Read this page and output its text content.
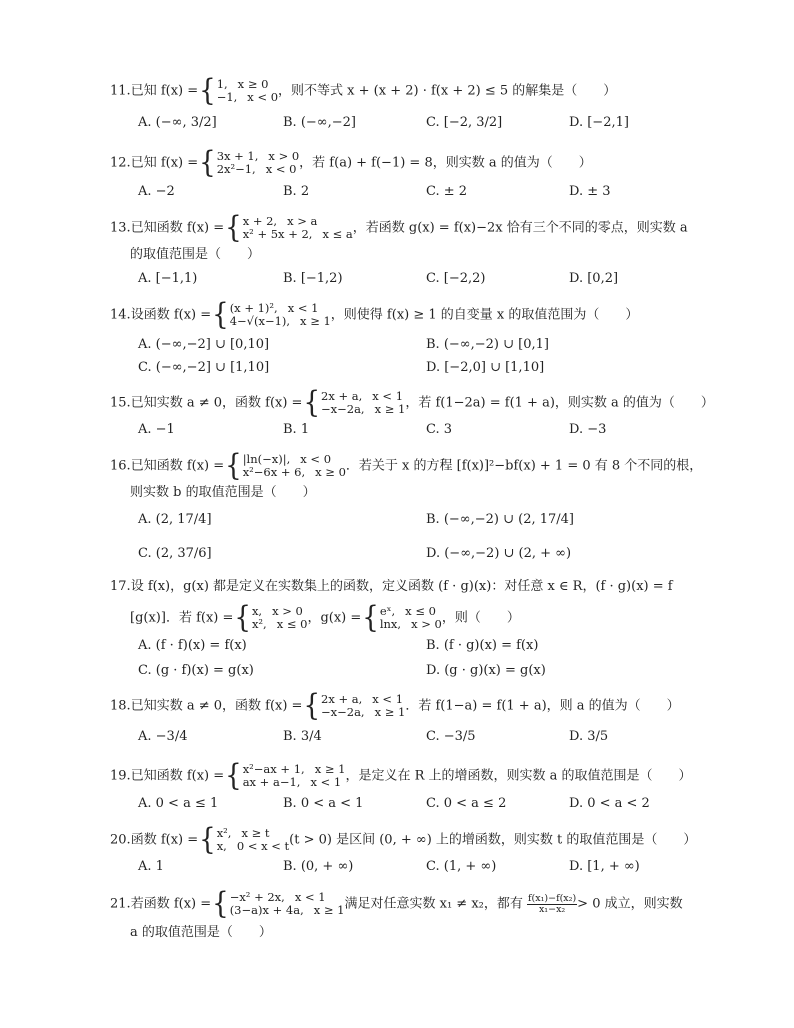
11.已知 f(x) ={ 1, x ≥ 0
−1, x < 0 ，则不等式 x + (x + 2) · f(x + 2) ≤ 5 的解集是（　　）
A. (−∞, 3/2]	B. (−∞,−2]	C. [−2, 3/2]	D. [−2,1]
12.已知 f(x) ={ 3x + 1, x > 0
2x²−1, x < 0 ，若 f(a) + f(−1) = 8，则实数 a 的值为（　　）
A. −2	B. 2	C. ± 2	D. ± 3
13.已知函数 f(x) ={ x + 2, x > a
x² + 5x + 2, x ≤ a ，若函数 g(x) = f(x)−2x 恰有三个不同的零点，则实数 a
的取值范围是（　　）
A. [−1,1)	B. [−1,2)	C. [−2,2)	D. [0,2]
14.设函数 f(x) ={ (x + 1)², x < 1
4−√(x−1), x ≥ 1 ，则使得 f(x) ≥ 1 的自变量 x 的取值范围为（　　）
A. (−∞,−2] ∪ [0,10]	B. (−∞,−2) ∪ [0,1]
C. (−∞,−2] ∪ [1,10]	D. [−2,0] ∪ [1,10]
15.已知实数 a ≠ 0，函数 f(x) ={ 2x + a, x < 1
−x−2a, x ≥ 1 ，若 f(1−2a) = f(1 + a)，则实数 a 的值为（　　）
A. −1	B. 1	C. 3	D. −3
16.已知函数 f(x) ={ |ln(−x)|, x < 0
x²−6x + 6, x ≥ 0 ．若关于 x 的方程 [f(x)]²−bf(x) + 1 = 0 有 8 个不同的根，
则实数 b 的取值范围是（　　）
A. (2, 17/4]	B. (−∞,−2) ∪ (2, 17/4]
C. (2, 37/6]	D. (−∞,−2) ∪ (2, + ∞)
17.设 f(x)，g(x) 都是定义在实数集上的函数，定义函数 (f · g)(x)：对任意 x ∈ R，(f · g)(x) = f
[g(x)]．若 f(x) ={ x, x > 0
x², x ≤ 0 ，g(x) ={ eˣ, x ≤ 0
lnx, x > 0 ，则（　　）
A. (f · f)(x) = f(x)	B. (f · g)(x) = f(x)
C. (g · f)(x) = g(x)	D. (g · g)(x) = g(x)
18.已知实数 a ≠ 0，函数 f(x) ={ 2x + a, x < 1
−x−2a, x ≥ 1 ．若 f(1−a) = f(1 + a)，则 a 的值为（　　）
A. −3/4	B. 3/4	C. −3/5	D. 3/5
19.已知函数 f(x) ={ x²−ax + 1, x ≥ 1
ax + a−1, x < 1 ，是定义在 R 上的增函数，则实数 a 的取值范围是（　　）
A. 0 < a ≤ 1	B. 0 < a < 1	C. 0 < a ≤ 2	D. 0 < a < 2
20.函数 f(x) ={ x², x ≥ t
x, 0 < x < t (t > 0) 是区间 (0, + ∞) 上的增函数，则实数 t 的取值范围是（　　）
A. 1	B. (0, + ∞)	C. (1, + ∞)	D. [1, + ∞)
21.若函数 f(x) ={ −x² + 2x, x < 1
(3−a)x + 4a, x ≥ 1 满足对任意实数 x₁ ≠ x₂，都有 $\frac{\text{f(x₁)−f(x₂)}}{\text{x₁−x₂}} > 0$ 成立，则实数
a 的取值范围是（　　）
